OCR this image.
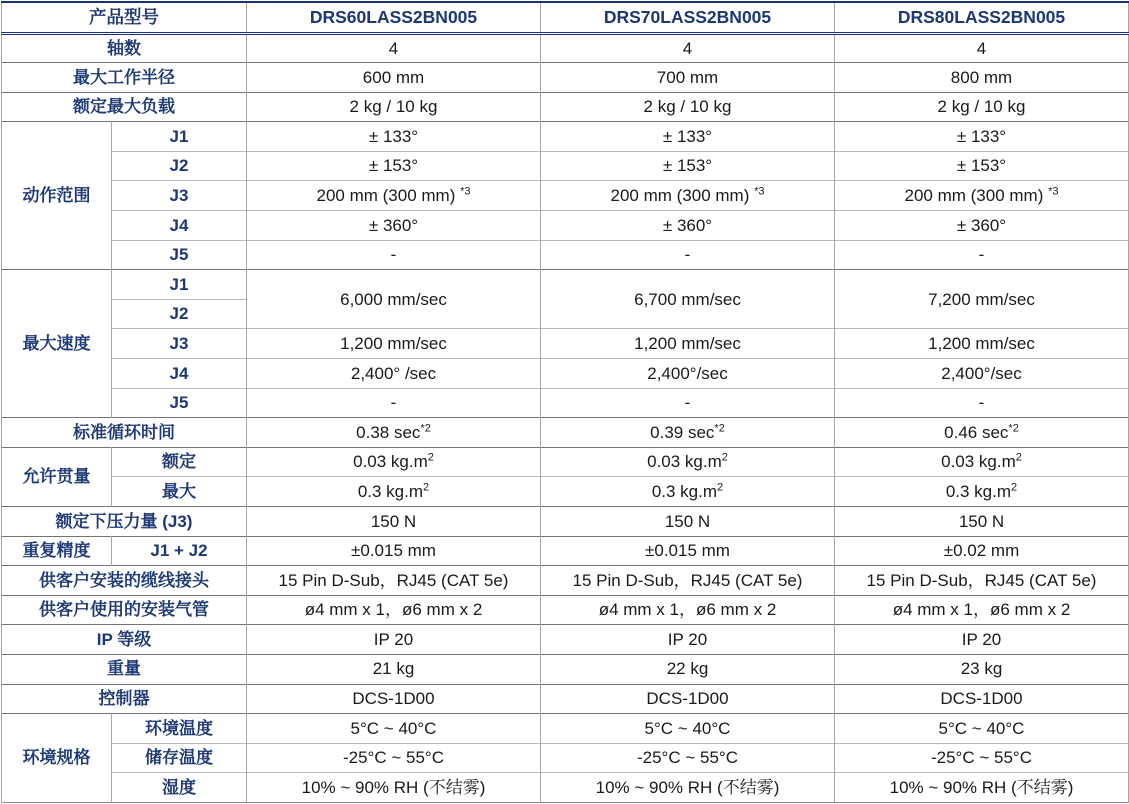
产品型号		DRS60LASS2BN005	DRS70LASS2BN005	DRS80LASS2BN005
轴数		4	4	4
最大工作半径		600 mm	700 mm	800 mm
额定最大负载		2 kg / 10 kg	2 kg / 10 kg	2 kg / 10 kg
动作范围	J1	± 133°	± 133°	± 133°
	J2	± 153°	± 153°	± 153°
	J3	200 mm (300 mm) $^{*3}$	200 mm (300 mm) $^{*3}$	200 mm (300 mm) $^{*3}$
	J4	± 360°	± 360°	± 360°
	J5	-	-	-
最大速度	J1	6,000 mm/sec	6,700 mm/sec	7,200 mm/sec
	J2			
	J3	1,200 mm/sec	1,200 mm/sec	1,200 mm/sec
	J4	2,400° /sec	2,400°/sec	2,400°/sec
	J5	-	-	-
标准循环时间		0.38 $\sec^{*2}$	0.39 $\sec^{*2}$	0.46 $\sec^{*2}$
允许贯量	额定	0.03 $kg.m^2$	0.03 $kg.m^2$	0.03 $kg.m^2$
	最大	0.3 $kg.m^2$	0.3 $kg.m^2$	0.3 $kg.m^2$
额定下压力量 (J3)		150 N	150 N	150 N
重复精度	J1 + J2	±0.015 mm	±0.015 mm	±0.02 mm
供客户安装的缆线接头		15 Pin D-Sub，RJ45 (CAT 5e)	15 Pin D-Sub，RJ45 (CAT 5e)	15 Pin D-Sub，RJ45 (CAT 5e)
供客户使用的安装气管		ø4 mm x 1，ø6 mm x 2	ø4 mm x 1，ø6 mm x 2	ø4 mm x 1，ø6 mm x 2
IP 等级		IP 20	IP 20	IP 20
重量		21 kg	22 kg	23 kg
控制器		DCS-1D00	DCS-1D00	DCS-1D00
环境规格	环境温度	5°C ~ 40°C	5°C ~ 40°C	5°C ~ 40°C
	储存温度	-25°C ~ 55°C	-25°C ~ 55°C	-25°C ~ 55°C
	湿度	10% ~ 90% RH (不结雾)	10% ~ 90% RH (不结雾)	10% ~ 90% RH (不结雾)
